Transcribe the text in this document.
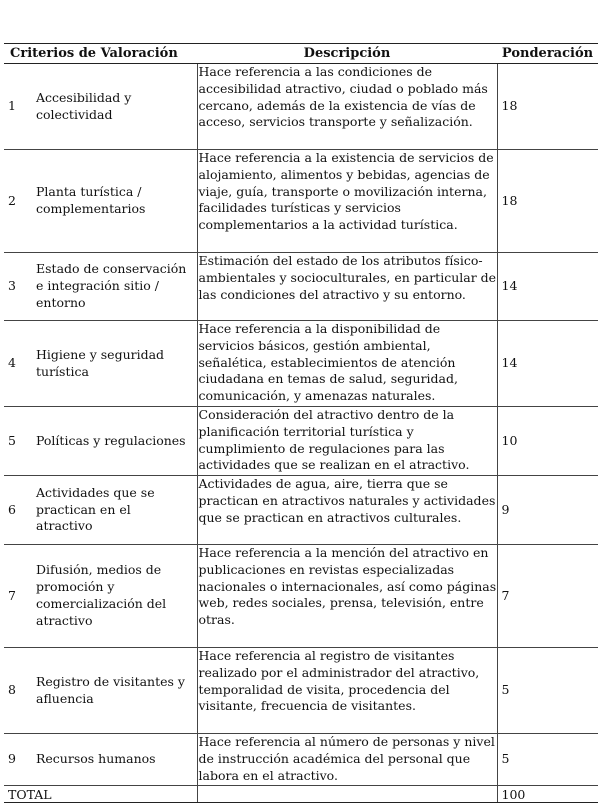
Criterios de Valoración		Descripción	Ponderación
1	Accesibilidad y colectividad	Hace referencia a las condiciones de accesibilidad atractivo, ciudad o poblado más cercano, además de la existencia de vías de acceso, servicios transporte y señalización.	18
2	Planta turística / complementarios	Hace referencia a la existencia de servicios de alojamiento, alimentos y bebidas, agencias de viaje, guía, transporte o movilización interna, facilidades turísticas y servicios complementarios a la actividad turística.	18
3	Estado de conservación e integración sitio / entorno	Estimación del estado de los atributos físico-ambientales y socioculturales, en particular de las condiciones del atractivo y su entorno.	14
4	Higiene y seguridad turística	Hace referencia a la disponibilidad de servicios básicos, gestión ambiental, señalética, establecimientos de atención ciudadana en temas de salud, seguridad, comunicación, y amenazas naturales.	14
5	Políticas y regulaciones	Consideración del atractivo dentro de la planificación territorial turística y cumplimiento de regulaciones para las actividades que se realizan en el atractivo.	10
6	Actividades que se practican en el atractivo	Actividades de agua, aire, tierra que se practican en atractivos naturales y actividades que se practican en atractivos culturales.	9
7	Difusión, medios de promoción y comercialización del atractivo	Hace referencia a la mención del atractivo en publicaciones en revistas especializadas nacionales o internacionales, así como páginas web, redes sociales, prensa, televisión, entre otras.	7
8	Registro de visitantes y afluencia	Hace referencia al registro de visitantes realizado por el administrador del atractivo, temporalidad de visita, procedencia del visitante, frecuencia de visitantes.	5
9	Recursos humanos	Hace referencia al número de personas y nivel de instrucción académica del personal que labora en el atractivo.	5
TOTAL			100
